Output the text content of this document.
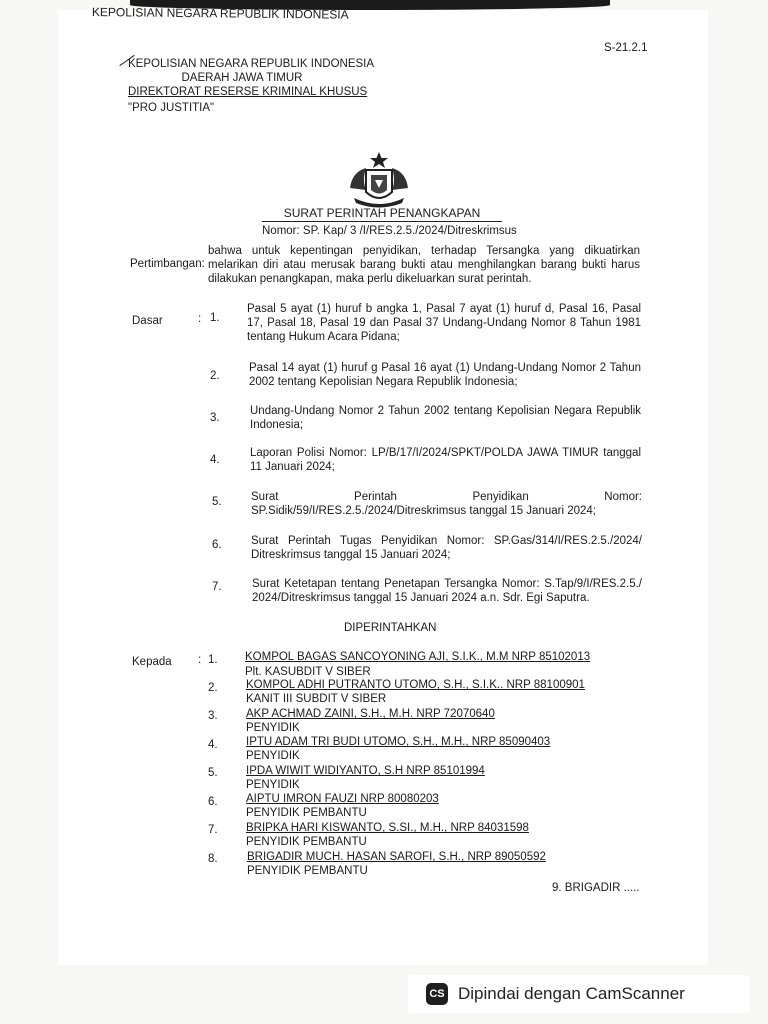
KEPOLISIAN NEGARA REPUBLIK INDONESIA
S-21.2.1
KEPOLISIAN NEGARA REPUBLIK INDONESIA
DAERAH JAWA TIMUR
DIREKTORAT RESERSE KRIMINAL KHUSUS
"PRO JUSTITIA"
SURAT PERINTAH PENANGKAPAN
Nomor: SP. Kap/ 3 /I/RES.2.5./2024/Ditreskrimsus
Pertimbangan:
bahwa untuk kepentingan penyidikan, terhadap Tersangka yang dikuatirkan melarikan diri atau merusak barang bukti atau menghilangkan barang bukti harus dilakukan penangkapan, maka perlu dikeluarkan surat perintah.
Dasar	: 1.
Pasal 5 ayat (1) huruf b angka 1, Pasal 7 ayat (1) huruf d, Pasal 16, Pasal 17, Pasal 18, Pasal 19 dan Pasal 37 Undang-Undang Nomor 8 Tahun 1981 tentang Hukum Acara Pidana;
2.
Pasal 14 ayat (1) huruf g Pasal 16 ayat (1) Undang-Undang Nomor 2 Tahun 2002 tentang Kepolisian Negara Republik Indonesia;
3.
Undang-Undang Nomor 2 Tahun 2002 tentang Kepolisian Negara Republik Indonesia;
4.
Laporan Polisi Nomor: LP/B/17/I/2024/SPKT/POLDA JAWA TIMUR tanggal 11 Januari 2024;
5.	Surat Perintah Penyidikan Nomor: SP.Sidik/59/I/RES.2.5./2024/Ditreskrimsus tanggal 15 Januari 2024;
6.	Surat Perintah Tugas Penyidikan Nomor: SP.Gas/314/I/RES.2.5./2024/ Ditreskrimsus tanggal 15 Januari 2024;
7.	Surat Ketetapan tentang Penetapan Tersangka Nomor: S.Tap/9/I/RES.2.5./ 2024/Ditreskrimsus tanggal 15 Januari 2024 a.n. Sdr. Egi Saputra.
DIPERINTAHKAN
Kepada : 1. KOMPOL BAGAS SANCOYONING AJI, S.I.K., M.M NRP 85102013
Plt. KASUBDIT V SIBER
2. KOMPOL ADHI PUTRANTO UTOMO, S.H., S.I.K.. NRP 88100901
KANIT III SUBDIT V SIBER
3. AKP ACHMAD ZAINI, S.H., M.H. NRP 72070640
PENYIDIK
4. IPTU ADAM TRI BUDI UTOMO, S.H., M.H., NRP 85090403
PENYIDIK
5. IPDA WIWIT WIDIYANTO, S.H NRP 85101994
PENYIDIK
6. AIPTU IMRON FAUZI NRP 80080203
PENYIDIK PEMBANTU
7. BRIPKA HARI KISWANTO, S.SI., M.H., NRP 84031598
PENYIDIK PEMBANTU
8.	BRIGADIR MUCH. HASAN SAROFI, S.H., NRP 89050592
PENYIDIK PEMBANTU
9. BRIGADIR .....
CS Dipindai dengan CamScanner
